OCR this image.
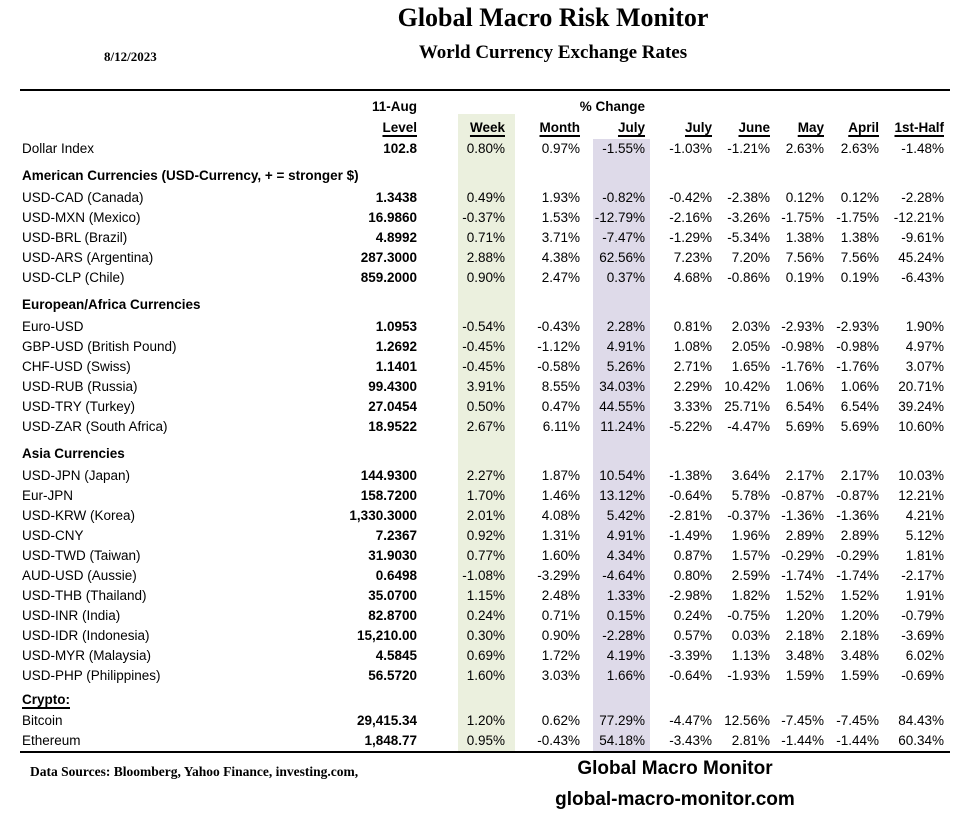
Global Macro Risk Monitor
World Currency Exchange Rates
8/12/2023
11-Aug	% Change
Level	Week	Month	July	July June May April 1st-Half
Dollar Index	102.8	0.80%	0.97%	-1.55%	-1.03%	-1.21%	2.63%	2.63%	-1.48%
American Currencies (USD-Currency, + = stronger $)
USD-CAD (Canada)	1.3438	0.49%	1.93%	-0.82%	-0.42%	-2.38%	0.12%	0.12%	-2.28%
USD-MXN (Mexico)	16.9860	-0.37%	1.53%	-12.79%	-2.16%	-3.26% -1.75% -1.75%	-12.21%
USD-BRL (Brazil)	4.8992	0.71%	3.71%	-7.47%	-1.29%	-5.34%	1.38%	1.38%	-9.61%
USD-ARS (Argentina)	287.3000	2.88%	4.38%	62.56%	7.23%	7.20%	7.56%	7.56%	45.24%
USD-CLP (Chile)	859.2000	0.90%	2.47%	0.37%	4.68%	-0.86%	0.19%	0.19%	-6.43%
European/Africa Currencies
Euro-USD	1.0953	-0.54%	-0.43%	2.28%	0.81%	2.03% -2.93% -2.93%	1.90%
GBP-USD (British Pound)	1.2692	-0.45%	-1.12%	4.91%	1.08%	2.05% -0.98% -0.98%	4.97%
CHF-USD (Swiss)	1.1401	-0.45%	-0.58%	5.26%	2.71%	1.65% -1.76% -1.76%	3.07%
USD-RUB (Russia)	99.4300	3.91%	8.55%	34.03%	2.29% 10.42%	1.06%	1.06%	20.71%
USD-TRY (Turkey)	27.0454	0.50%	0.47%	44.55%	3.33% 25.71%	6.54%	6.54%	39.24%
USD-ZAR (South Africa)	18.9522	2.67%	6.11%	11.24%	-5.22%	-4.47%	5.69%	5.69%	10.60%
Asia Currencies
USD-JPN (Japan)	144.9300	2.27%	1.87%	10.54%	-1.38%	3.64%	2.17%	2.17%	10.03%
Eur-JPN	158.7200	1.70%	1.46%	13.12%	-0.64%	5.78% -0.87% -0.87%	12.21%
USD-KRW (Korea)	1,330.3000	2.01%	4.08%	5.42%	-2.81%	-0.37% -1.36% -1.36%	4.21%
USD-CNY	7.2367	0.92%	1.31%	4.91%	-1.49%	1.96%	2.89%	2.89%	5.12%
USD-TWD (Taiwan)	31.9030	0.77%	1.60%	4.34%	0.87%	1.57% -0.29% -0.29%	1.81%
AUD-USD (Aussie)	0.6498	-1.08%	-3.29%	-4.64%	0.80%	2.59% -1.74% -1.74%	-2.17%
USD-THB (Thailand)	35.0700	1.15%	2.48%	1.33%	-2.98%	1.82%	1.52%	1.52%	1.91%
USD-INR (India)	82.8700	0.24%	0.71%	0.15%	0.24%	-0.75%	1.20%	1.20%	-0.79%
USD-IDR (Indonesia)	15,210.00	0.30%	0.90%	-2.28%	0.57%	0.03%	2.18%	2.18%	-3.69%
USD-MYR (Malaysia)	4.5845	0.69%	1.72%	4.19%	-3.39%	1.13%	3.48%	3.48%	6.02%
USD-PHP (Philippines)	56.5720	1.60%	3.03%	1.66%	-0.64%	-1.93%	1.59%	1.59%	-0.69%
Crypto:
Bitcoin	29,415.34	1.20%	0.62%	77.29%	-4.47% 12.56% -7.45% -7.45%	84.43%
Ethereum	1,848.77	0.95%	-0.43%	54.18%	-3.43%	2.81% -1.44% -1.44%	60.34%
Data Sources: Bloomberg, Yahoo Finance, investing.com,	Global Macro Monitor
global-macro-monitor.com
